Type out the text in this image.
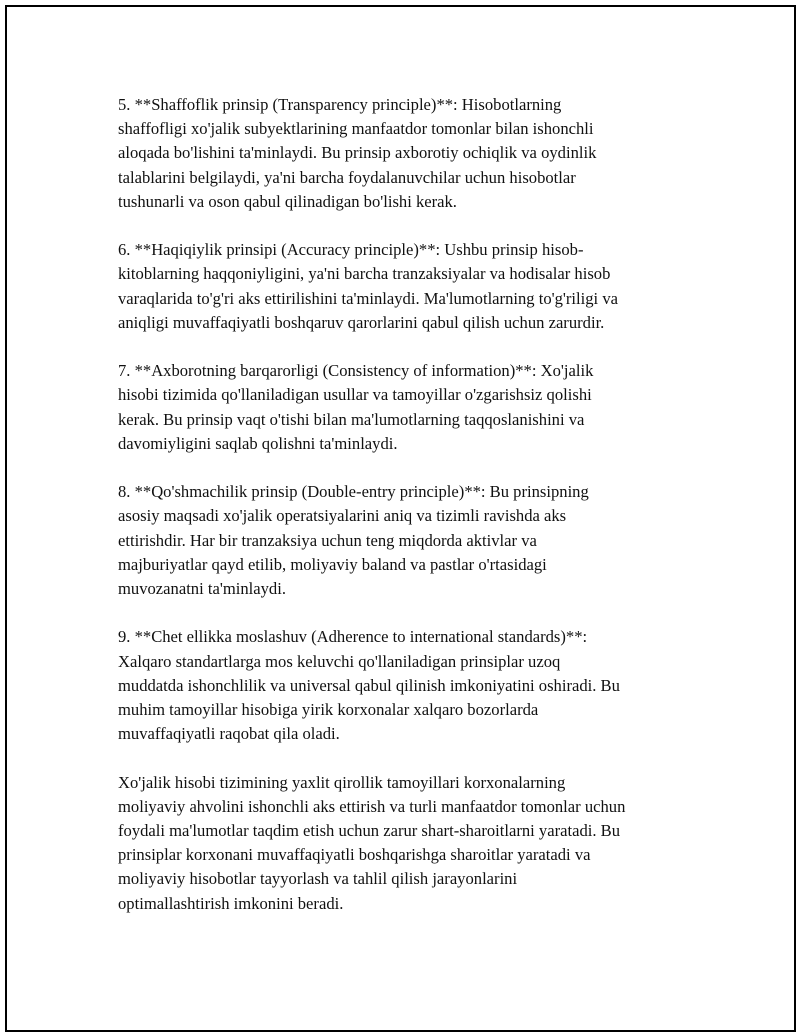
5. **Shaffoflik prinsip (Transparency principle)**: Hisobotlarning
shaffofligi xo'jalik subyektlarining manfaatdor tomonlar bilan ishonchli
aloqada bo'lishini ta'minlaydi. Bu prinsip axborotiy ochiqlik va oydinlik
talablarini belgilaydi, ya'ni barcha foydalanuvchilar uchun hisobotlar
tushunarli va oson qabul qilinadigan bo'lishi kerak.

6. **Haqiqiylik prinsipi (Accuracy principle)**: Ushbu prinsip hisob-
kitoblarning haqqoniyligini, ya'ni barcha tranzaksiyalar va hodisalar hisob
varaqlarida to'g'ri aks ettirilishini ta'minlaydi. Ma'lumotlarning to'g'riligi va
aniqligi muvaffaqiyatli boshqaruv qarorlarini qabul qilish uchun zarurdir.

7. **Axborotning barqarorligi (Consistency of information)**: Xo'jalik
hisobi tizimida qo'llaniladigan usullar va tamoyillar o'zgarishsiz qolishi
kerak. Bu prinsip vaqt o'tishi bilan ma'lumotlarning taqqoslanishini va
davomiyligini saqlab qolishni ta'minlaydi.

8. **Qo'shmachilik prinsip (Double-entry principle)**: Bu prinsipning
asosiy maqsadi xo'jalik operatsiyalarini aniq va tizimli ravishda aks
ettirishdir. Har bir tranzaksiya uchun teng miqdorda aktivlar va
majburiyatlar qayd etilib, moliyaviy baland va pastlar o'rtasidagi
muvozanatni ta'minlaydi.

9. **Chet ellikka moslashuv (Adherence to international standards)**:
Xalqaro standartlarga mos keluvchi qo'llaniladigan prinsiplar uzoq
muddatda ishonchlilik va universal qabul qilinish imkoniyatini oshiradi. Bu
muhim tamoyillar hisobiga yirik korxonalar xalqaro bozorlarda
muvaffaqiyatli raqobat qila oladi.

Xo'jalik hisobi tizimining yaxlit qirollik tamoyillari korxonalarning
moliyaviy ahvolini ishonchli aks ettirish va turli manfaatdor tomonlar uchun
foydali ma'lumotlar taqdim etish uchun zarur shart-sharoitlarni yaratadi. Bu
prinsiplar korxonani muvaffaqiyatli boshqarishga sharoitlar yaratadi va
moliyaviy hisobotlar tayyorlash va tahlil qilish jarayonlarini
optimallashtirish imkonini beradi.
